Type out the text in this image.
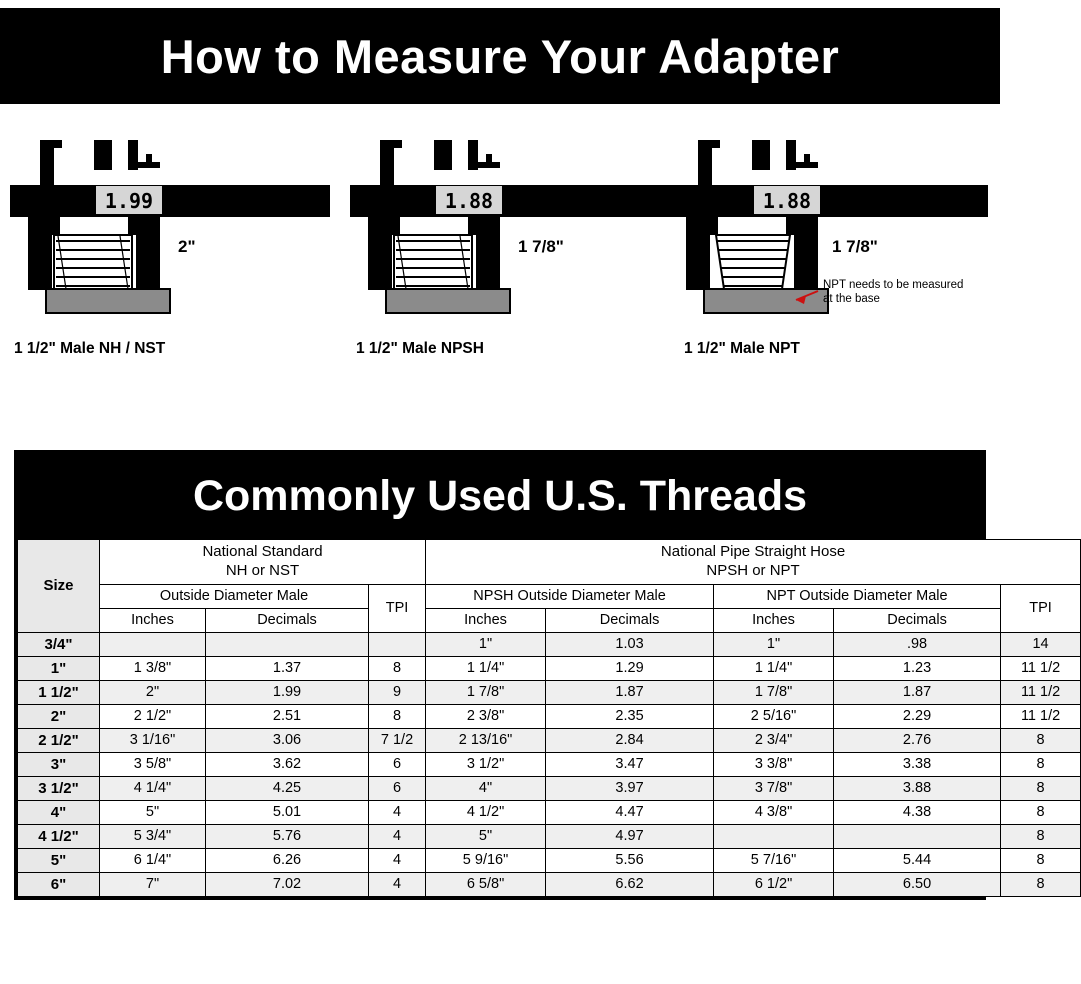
How to Measure Your Adapter
1.99
2"
1 1/2" Male NH / NST
1.88
1 7/8"
1 1/2" Male NPSH
1.88
1 7/8"
NPT needs to be measured at the base
1 1/2" Male NPT
Commonly Used U.S. Threads
Size	National Standard
NH or NST			National Pipe Straight Hose
NPSH or NPT				
	Outside Diameter Male		TPI	NPSH Outside Diameter Male		NPT Outside Diameter Male		TPI
	Inches	Decimals		Inches	Decimals	Inches	Decimals	
3/4"				1"	1.03	1"	.98	14
1"	1 3/8"	1.37	8	1 1/4"	1.29	1 1/4"	1.23	11 1/2
1 1/2"	2"	1.99	9	1 7/8"	1.87	1 7/8"	1.87	11 1/2
2"	2 1/2"	2.51	8	2 3/8"	2.35	2 5/16"	2.29	11 1/2
2 1/2"	3 1/16"	3.06	7 1/2	2 13/16"	2.84	2 3/4"	2.76	8
3"	3 5/8"	3.62	6	3 1/2"	3.47	3 3/8"	3.38	8
3 1/2"	4 1/4"	4.25	6	4"	3.97	3 7/8"	3.88	8
4"	5"	5.01	4	4 1/2"	4.47	4 3/8"	4.38	8
4 1/2"	5 3/4"	5.76	4	5"	4.97			8
5"	6 1/4"	6.26	4	5 9/16"	5.56	5 7/16"	5.44	8
6"	7"	7.02	4	6 5/8"	6.62	6 1/2"	6.50	8
